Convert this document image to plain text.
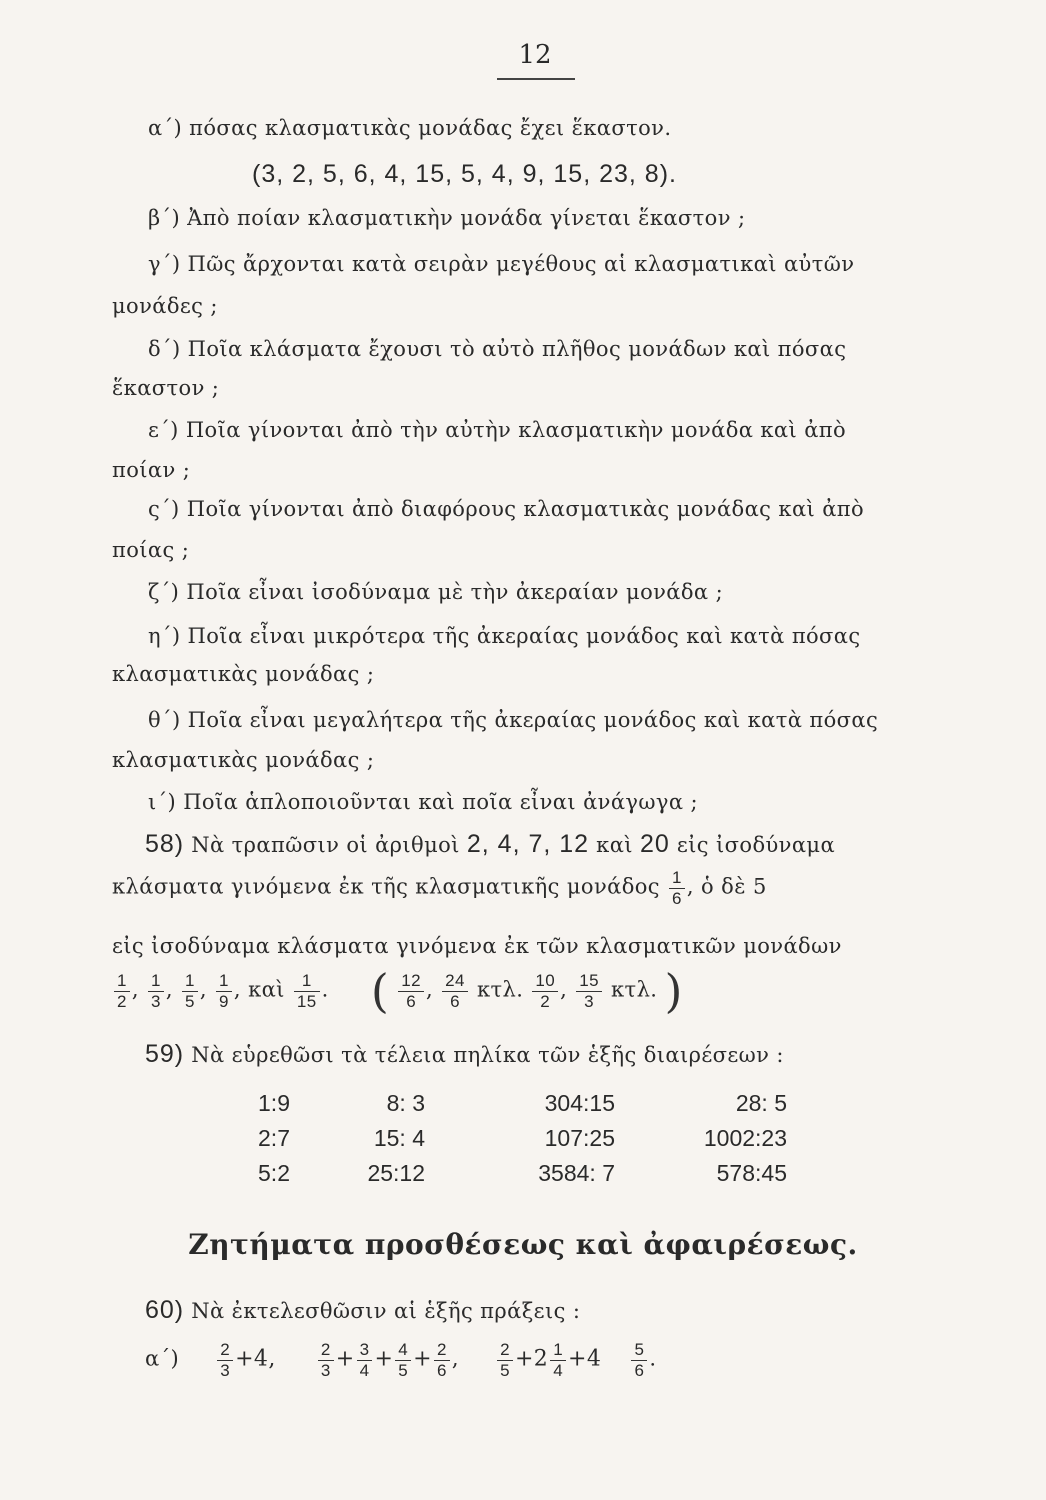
12
α΄) πόσας κλασματικὰς μονάδας ἔχει ἕκαστον.
(3, 2, 5, 6, 4, 15, 5, 4, 9, 15, 23, 8).
β΄) Ἀπὸ ποίαν κλασματικὴν μονάδα γίνεται ἕκαστον ;
γ΄) Πῶς ἄρχονται κατὰ σειρὰν μεγέθους αἱ κλασματικαὶ αὐτῶν
μονάδες ;
δ΄) Ποῖα κλάσματα ἔχουσι τὸ αὐτὸ πλῆθος μονάδων καὶ πόσας
ἕκαστον ;
ε΄) Ποῖα γίνονται ἀπὸ τὴν αὐτὴν κλασματικὴν μονάδα καὶ ἀπὸ
ποίαν ;
ς΄) Ποῖα γίνονται ἀπὸ διαφόρους κλασματικὰς μονάδας καὶ ἀπὸ
ποίας ;
ζ΄) Ποῖα εἶναι ἰσοδύναμα μὲ τὴν ἀκεραίαν μονάδα ;
η΄) Ποῖα εἶναι μικρότερα τῆς ἀκεραίας μονάδος καὶ κατὰ πόσας
κλασματικὰς μονάδας ;
θ΄) Ποῖα εἶναι μεγαλήτερα τῆς ἀκεραίας μονάδος καὶ κατὰ πόσας
κλασματικὰς μονάδας ;
ι΄) Ποῖα ἁπλοποιοῦνται καὶ ποῖα εἶναι ἀνάγωγα ;
58) Νὰ τραπῶσιν οἱ ἀριθμοὶ 2, 4, 7, 12 καὶ 20 εἰς ἰσοδύναμα
κλάσματα γινόμενα ἐκ τῆς κλασματικῆς μονάδος $\frac{1}{6}$ , ὁ δὲ 5
εἰς ἰσοδύναμα κλάσματα γινόμενα ἐκ τῶν κλασματικῶν μονάδων
$\frac{1}{2}$ , $\frac{1}{3}$ , $\frac{1}{5}$ , $\frac{1}{9}$ , καὶ $\frac{1}{15}$ .  ( $\frac{12}{6}$ , $\frac{24}{6} \kappa\tau\lambda$. $\frac{10}{2}$ , $\frac{15}{3} \kappa\tau\lambda$. )
59) Νὰ εὑρεθῶσι τὰ τέλεια πηλίκα τῶν ἑξῆς διαιρέσεων :
1:9	8: 3	304:15	28: 5
2:7	15: 4	107:25	1002:23
5:2	25:12	3584: 7	578:45
Ζητήματα προσθέσεως καὶ ἀφαιρέσεως.
60) Νὰ ἐκτελεσθῶσιν αἱ ἑξῆς πράξεις :
$\alpha΄) \frac{2}{3} +4$, $\frac{2}{3} + \frac{3}{4} + \frac{4}{5} + \frac{2}{6}$ , $\frac{2}{5} +2 \frac{1}{4} +4 \frac{5}{6}$ .
